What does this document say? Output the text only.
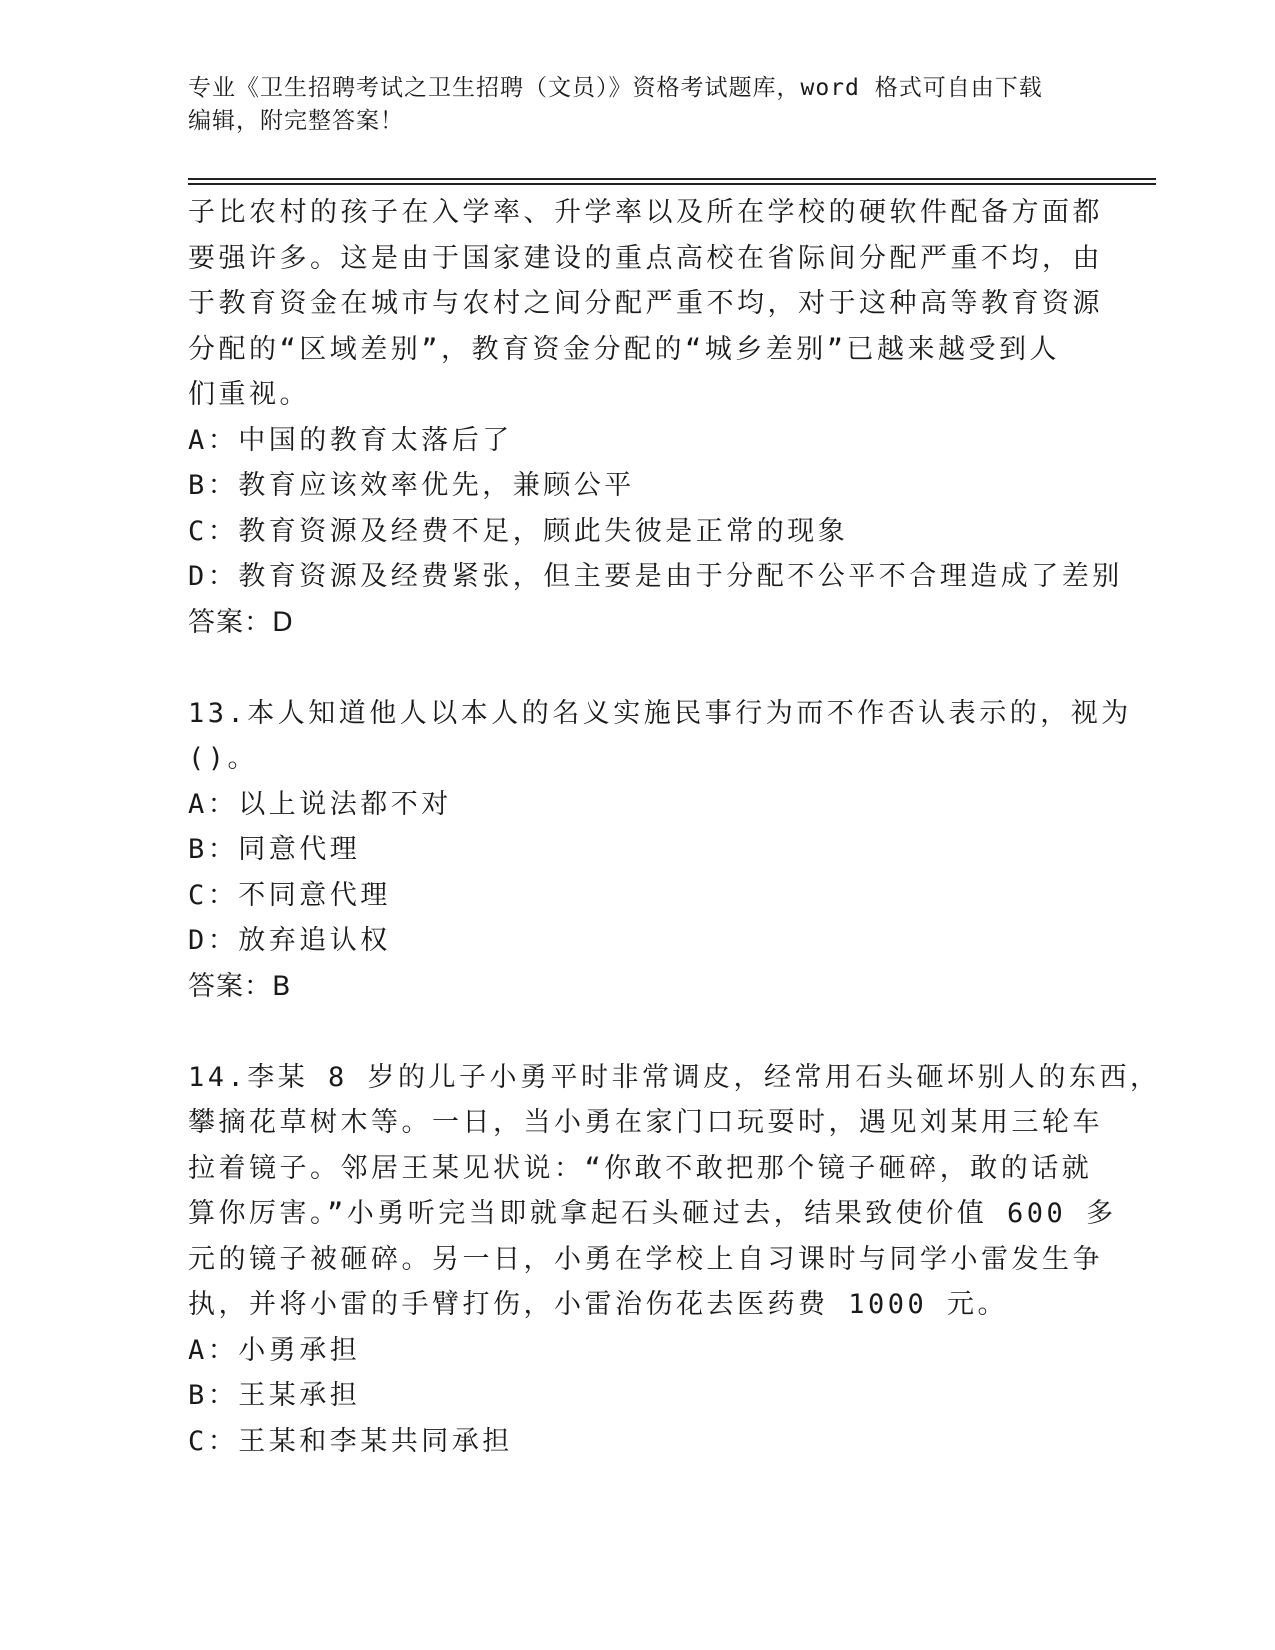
专业《卫生招聘考试之卫生招聘（文员）》资格考试题库，word 格式可自由下载
编辑，附完整答案！
子比农村的孩子在入学率、升学率以及所在学校的硬软件配备方面都
要强许多。这是由于国家建设的重点高校在省际间分配严重不均，由
于教育资金在城市与农村之间分配严重不均，对于这种高等教育资源
分配的“区域差别”，教育资金分配的“城乡差别”已越来越受到人
们重视。
A：中国的教育太落后了
B：教育应该效率优先，兼顾公平
C：教育资源及经费不足，顾此失彼是正常的现象
D：教育资源及经费紧张，但主要是由于分配不公平不合理造成了差别
答案：D
13.本人知道他人以本人的名义实施民事行为而不作否认表示的，视为
()。
A：以上说法都不对
B：同意代理
C：不同意代理
D：放弃追认权
答案：B
14.李某 8 岁的儿子小勇平时非常调皮，经常用石头砸坏别人的东西，
攀摘花草树木等。一日，当小勇在家门口玩耍时，遇见刘某用三轮车
拉着镜子。邻居王某见状说：“你敢不敢把那个镜子砸碎，敢的话就
算你厉害。”小勇听完当即就拿起石头砸过去，结果致使价值 600 多
元的镜子被砸碎。另一日，小勇在学校上自习课时与同学小雷发生争
执，并将小雷的手臂打伤，小雷治伤花去医药费 1000 元。
A：小勇承担
B：王某承担
C：王某和李某共同承担
